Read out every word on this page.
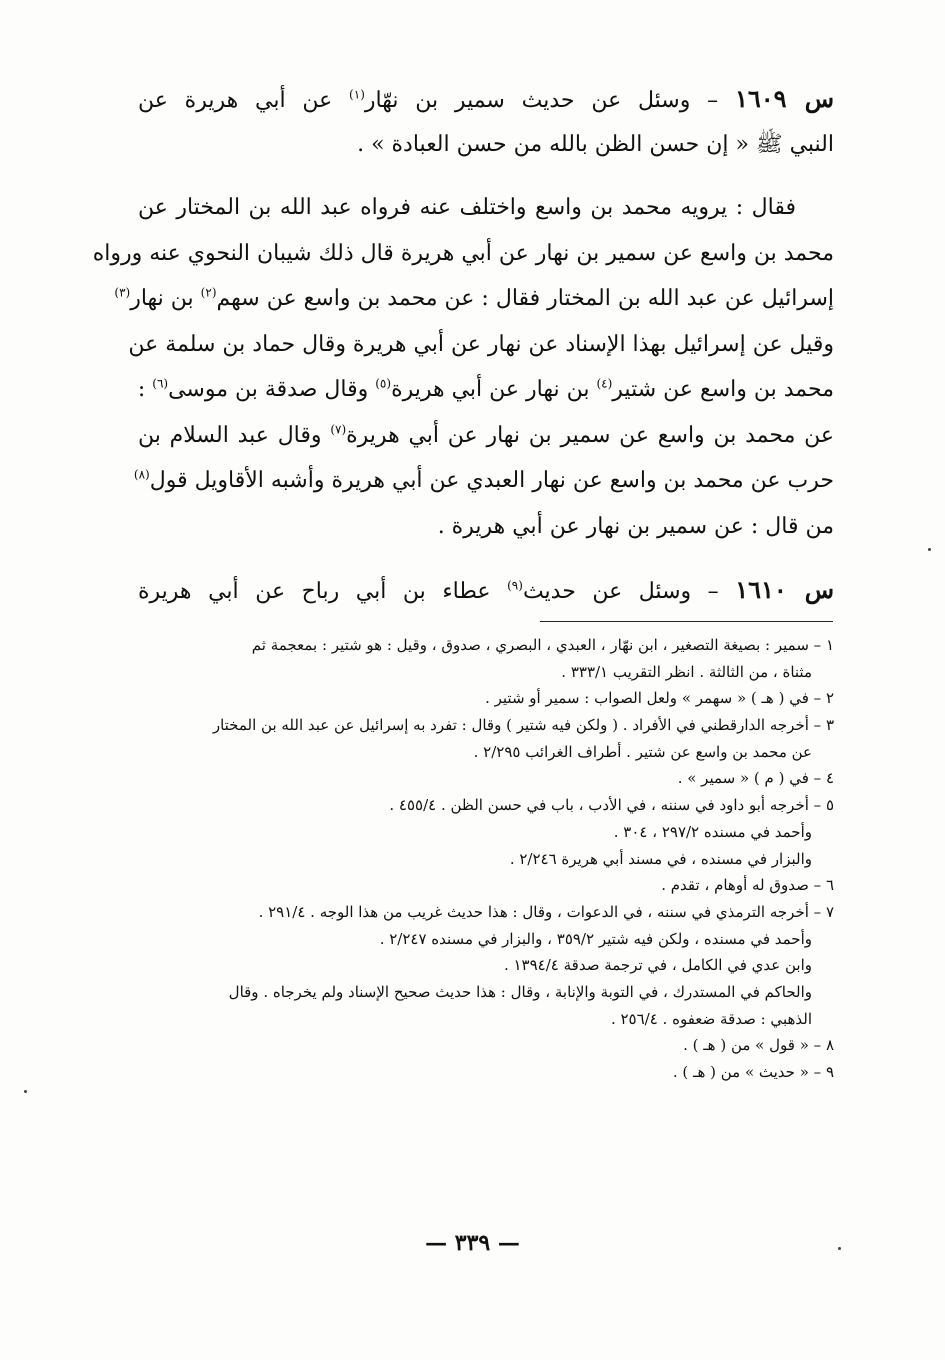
س ١٦٠٩ – وسئل عن حديث سمير بن نهّار$^{(١)}$ عن أبي هريرة عن
النبي ﷺ « إن حسن الظن بالله من حسن العبادة » .
فقال : يرويه محمد بن واسع واختلف عنه فرواه عبد الله بن المختار عن
محمد بن واسع عن سمير بن نهار عن أبي هريرة قال ذلك شيبان النحوي عنه ورواه
إسرائيل عن عبد الله بن المختار فقال : عن محمد بن واسع عن سهم$^{(٢)}$ بن نهار$^{(٣)}$
وقيل عن إسرائيل بهذا الإسناد عن نهار عن أبي هريرة وقال حماد بن سلمة عن
محمد بن واسع عن شتير$^{(٤)}$ بن نهار عن أبي هريرة$^{(٥)}$ وقال صدقة بن موسى$^{(٦)}$ :
عن محمد بن واسع عن سمير بن نهار عن أبي هريرة$^{(٧)}$ وقال عبد السلام بن
حرب عن محمد بن واسع عن نهار العبدي عن أبي هريرة وأشبه الأقاويل قول$^{(٨)}$
من قال : عن سمير بن نهار عن أبي هريرة .
س ١٦١٠ – وسئل عن حديث$^{(٩)}$ عطاء بن أبي رباح عن أبي هريرة
١ – سمير : بصيغة التصغير ، ابن نهّار ، العبدي ، البصري ، صدوق ، وقيل : هو شتير : بمعجمة ثم
مثناة ، من الثالثة . انظر التقريب ٣٣٣/١ .
٢ – في ( هـ ) « سهمر » ولعل الصواب : سمير أو شتير .
٣ – أخرجه الدارقطني في الأفراد . ( ولكن فيه شتير ) وقال : تفرد به إسرائيل عن عبد الله بن المختار
عن محمد بن واسع عن شتير . أطراف الغرائب ٢/٢٩٥ .
٤ – في ( م ) « سمير » .
٥ – أخرجه أبو داود في سننه ، في الأدب ، باب في حسن الظن . ٤٥٥/٤ .
وأحمد في مسنده ٢٩٧/٢ ، ٣٠٤ .
والبزار في مسنده ، في مسند أبي هريرة ٢/٢٤٦ .
٦ – صدوق له أوهام ، تقدم .
٧ – أخرجه الترمذي في سننه ، في الدعوات ، وقال : هذا حديث غريب من هذا الوجه . ٢٩١/٤ .
وأحمد في مسنده ، ولكن فيه شتير ٣٥٩/٢ ، والبزار في مسنده ٢/٢٤٧ .
وابن عدي في الكامل ، في ترجمة صدقة ١٣٩٤/٤ .
والحاكم في المستدرك ، في التوبة والإنابة ، وقال : هذا حديث صحيح الإسناد ولم يخرجاه . وقال
الذهبي : صدقة ضعفوه . ٢٥٦/٤ .
٨ – « قول » من ( هـ ) .
٩ – « حديث » من ( هـ ) .
— ٣٣٩ —
